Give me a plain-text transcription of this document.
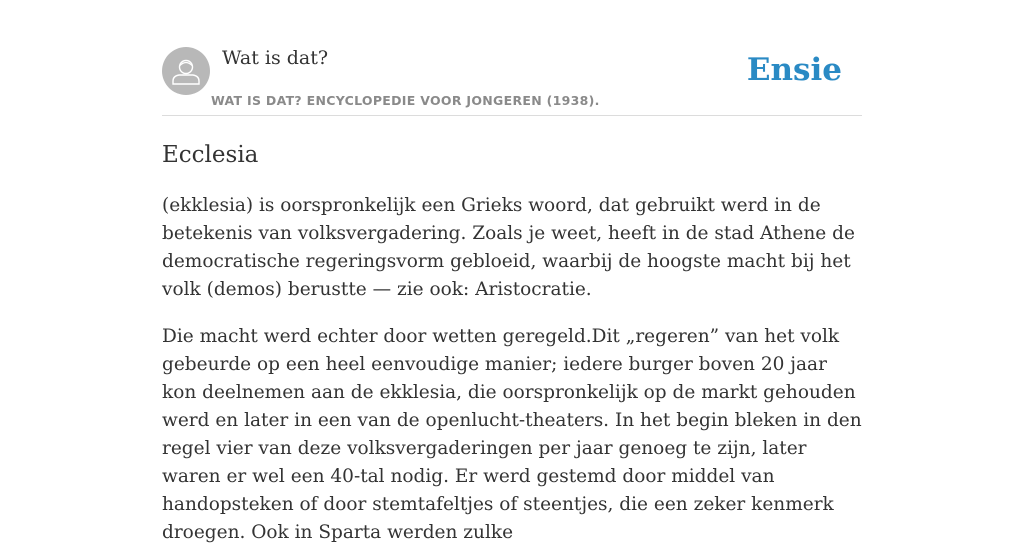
Wat is dat?
WAT IS DAT? ENCYCLOPEDIE VOOR JONGEREN (1938).
Ensie
Ecclesia

(ekklesia) is oorspronkelijk een Grieks woord, dat gebruikt werd in de betekenis van volksvergadering. Zoals je weet, heeft in de stad Athene de democratische regeringsvorm gebloeid, waarbij de hoogste macht bij het volk (demos) berustte — zie ook: Aristocratie.

Die macht werd echter door wetten geregeld.Dit „regeren” van het volk gebeurde op een heel eenvoudige manier; iedere burger boven 20 jaar kon deelnemen aan de ekklesia, die oorspronkelijk op de markt gehouden werd en later in een van de openlucht-theaters. In het begin bleken in den regel vier van deze volksvergaderingen per jaar genoeg te zijn, later waren er wel een 40-tal nodig. Er werd gestemd door middel van handopsteken of door stemtafeltjes of steentjes, die een zeker kenmerk droegen. Ook in Sparta werden zulke
